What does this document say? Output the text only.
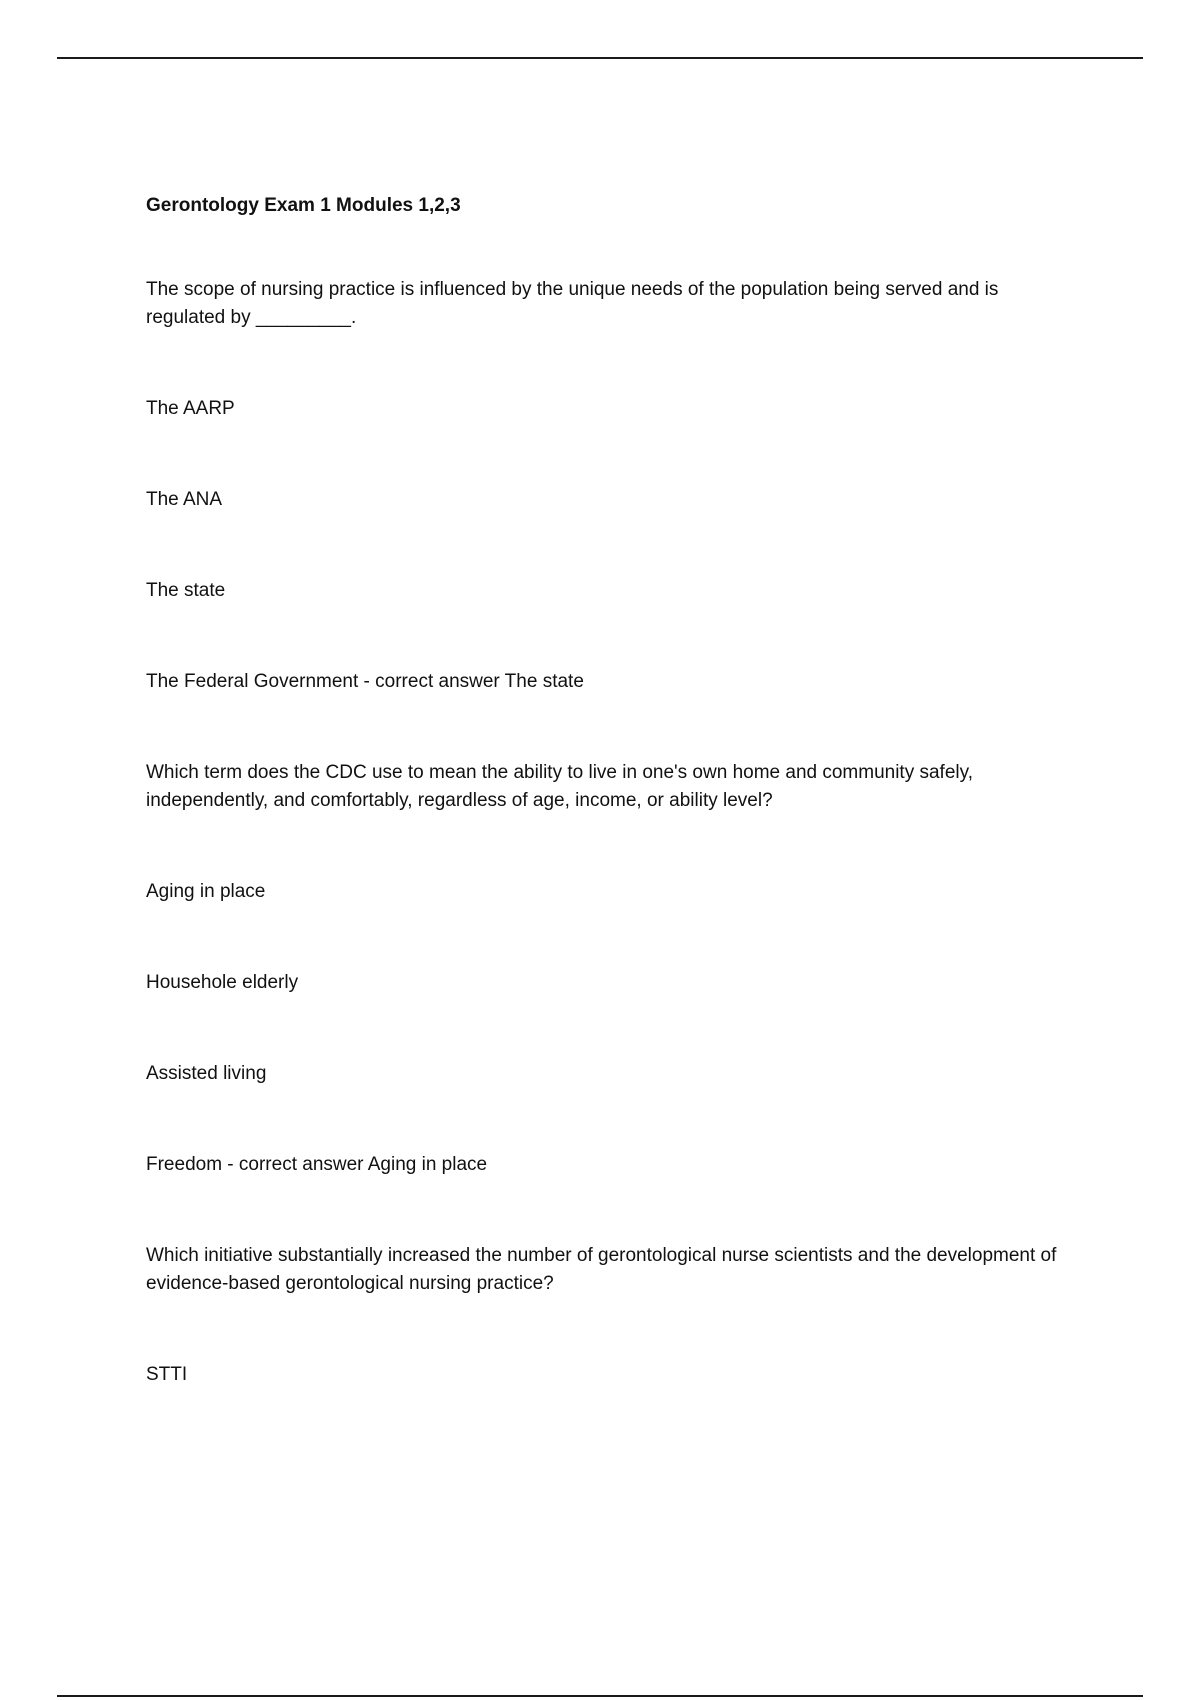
Gerontology Exam 1 Modules 1,2,3
The scope of nursing practice is influenced by the unique needs of the population being served and is regulated by _________.
The AARP
The ANA
The state
The Federal Government - correct answer The state
Which term does the CDC use to mean the ability to live in one's own home and community safely, independently, and comfortably, regardless of age, income, or ability level?
Aging in place
Househole elderly
Assisted living
Freedom - correct answer Aging in place
Which initiative substantially increased the number of gerontological nurse scientists and the development of evidence-based gerontological nursing practice?
STTI
